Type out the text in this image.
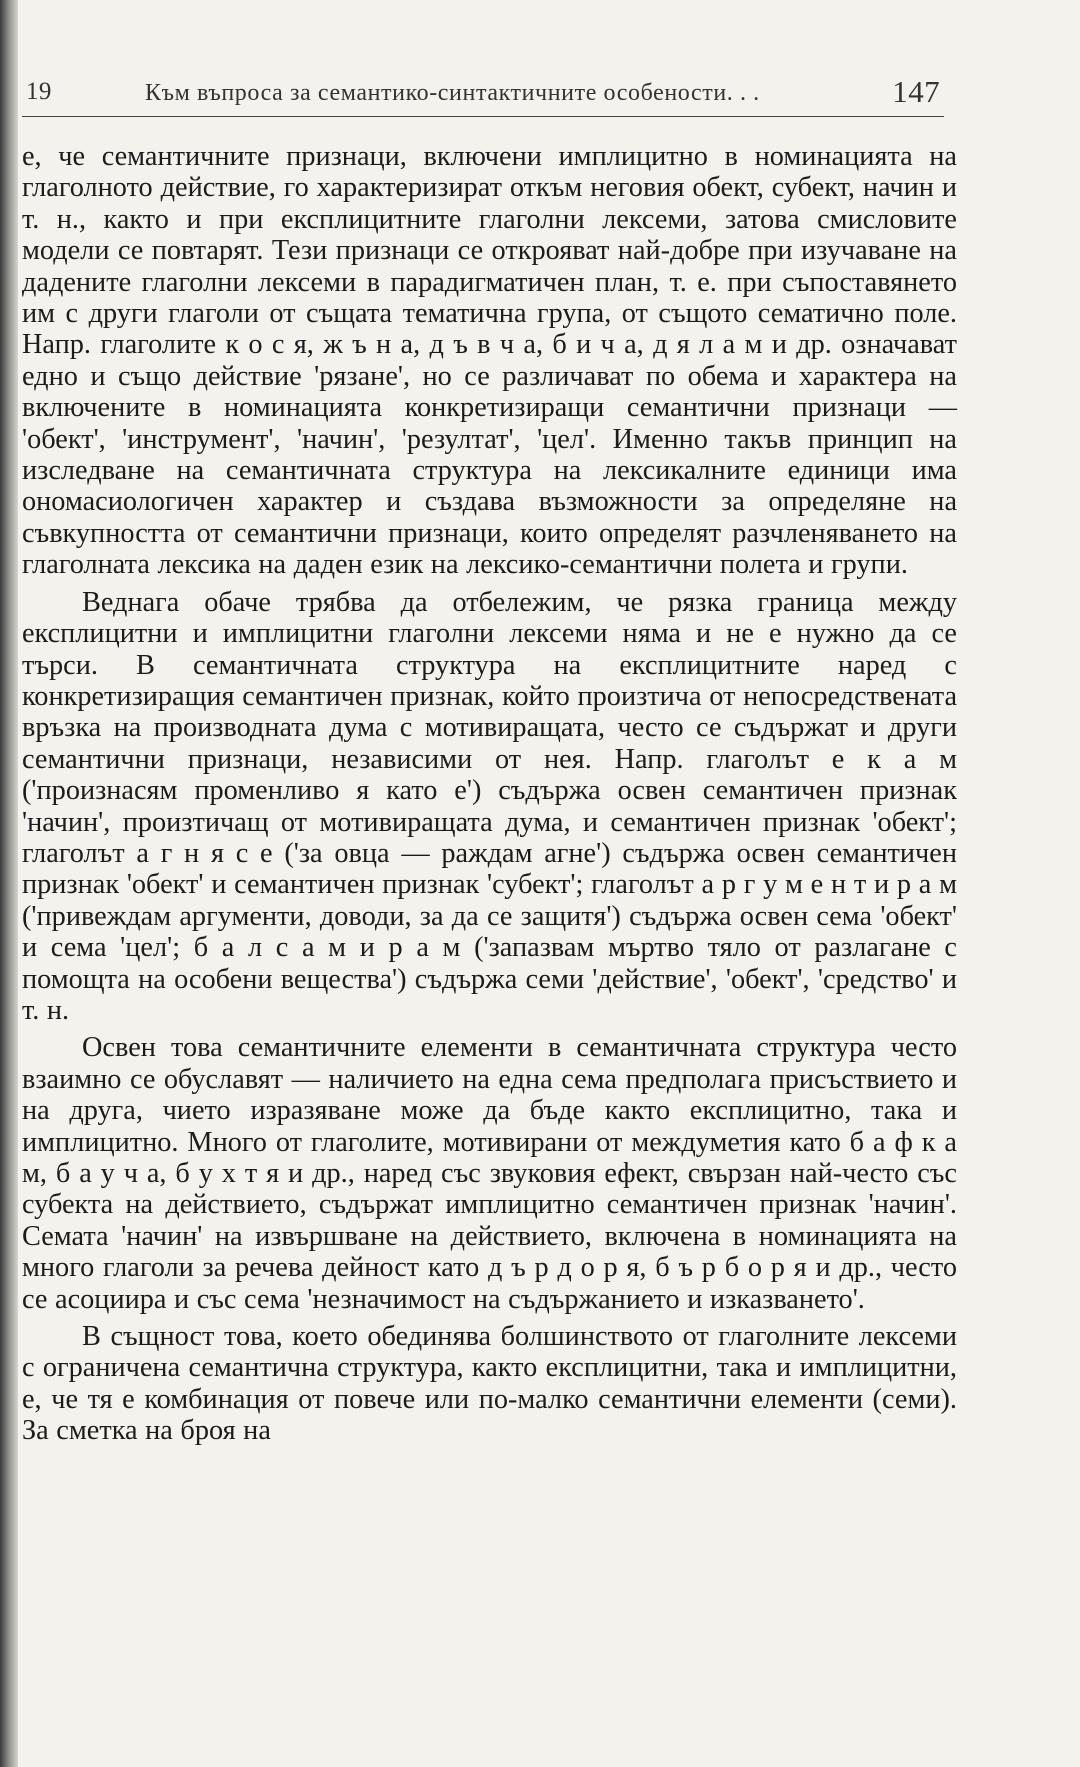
19	Към въпроса за семантико-синтактичните особености. . .	147

е, че семантичните признаци, включени имплицитно в номинацията на глаголното действие, го характеризират откъм неговия обект, субект, начин и т. н., както и при експлицитните глаголни лексеми, затова смисловите модели се повтарят. Тези признаци се открояват най-добре при изучаване на дадените глаголни лексеми в парадигматичен план, т. е. при съпоставянето им с други глаголи от същата тематична група, от същото сематично поле. Напр. глаголите к о с я, ж ъ н а, д ъ в ч а, б и ч а, д я л а м и др. означават едно и също действие 'рязане', но се различават по обема и характера на включените в номинацията конкретизиращи семантични признаци — 'обект', 'инструмент', 'начин', 'резултат', 'цел'. Именно такъв принцип на изследване на семантичната структура на лексикалните единици има ономасиологичен характер и създава възможности за определяне на съвкупността от семантични признаци, които определят разчленяването на глаголната лексика на даден език на лексико-семантични полета и групи.

Веднага обаче трябва да отбележим, че рязка граница между експлицитни и имплицитни глаголни лексеми няма и не е нужно да се търси. В семантичната структура на експлицитните наред с конкретизиращия семантичен признак, който произтича от непосредствената връзка на производната дума с мотивиращата, често се съдържат и други семантични признаци, независими от нея. Напр. глаголът е к а м ('произнасям променливо я като е') съдържа освен семантичен признак 'начин', произтичащ от мотивиращата дума, и семантичен признак 'обект'; глаголът а г н я с е ('за овца — раждам агне') съдържа освен семантичен признак 'обект' и семантичен признак 'субект'; глаголът а р г у м е н т и р а м ('привеждам аргументи, доводи, за да се защитя') съдържа освен сема 'обект' и сема 'цел'; б а л с а м и р а м ('запазвам мъртво тяло от разлагане с помощта на особени вещества') съдържа семи 'действие', 'обект', 'средство' и т. н.

Освен това семантичните елементи в семантичната структура често взаимно се обуславят — наличието на една сема предполага присъствието и на друга, чието изразяване може да бъде както експлицитно, така и имплицитно. Много от глаголите, мотивирани от междуметия като б а ф к а м, б а у ч а, б у х т я и др., наред със звуковия ефект, свързан най-често със субекта на действието, съдържат имплицитно семантичен признак 'начин'. Семата 'начин' на извършване на действието, включена в номинацията на много глаголи за речева дейност като д ъ р д о р я, б ъ р б о р я и др., често се асоциира и със сема 'незначимост на съдържанието и изказването'.

В същност това, което обединява болшинството от глаголните лексеми с ограничена семантична структура, както експлицитни, така и имплицитни, е, че тя е комбинация от повече или по-малко семантични елементи (семи). За сметка на броя на
